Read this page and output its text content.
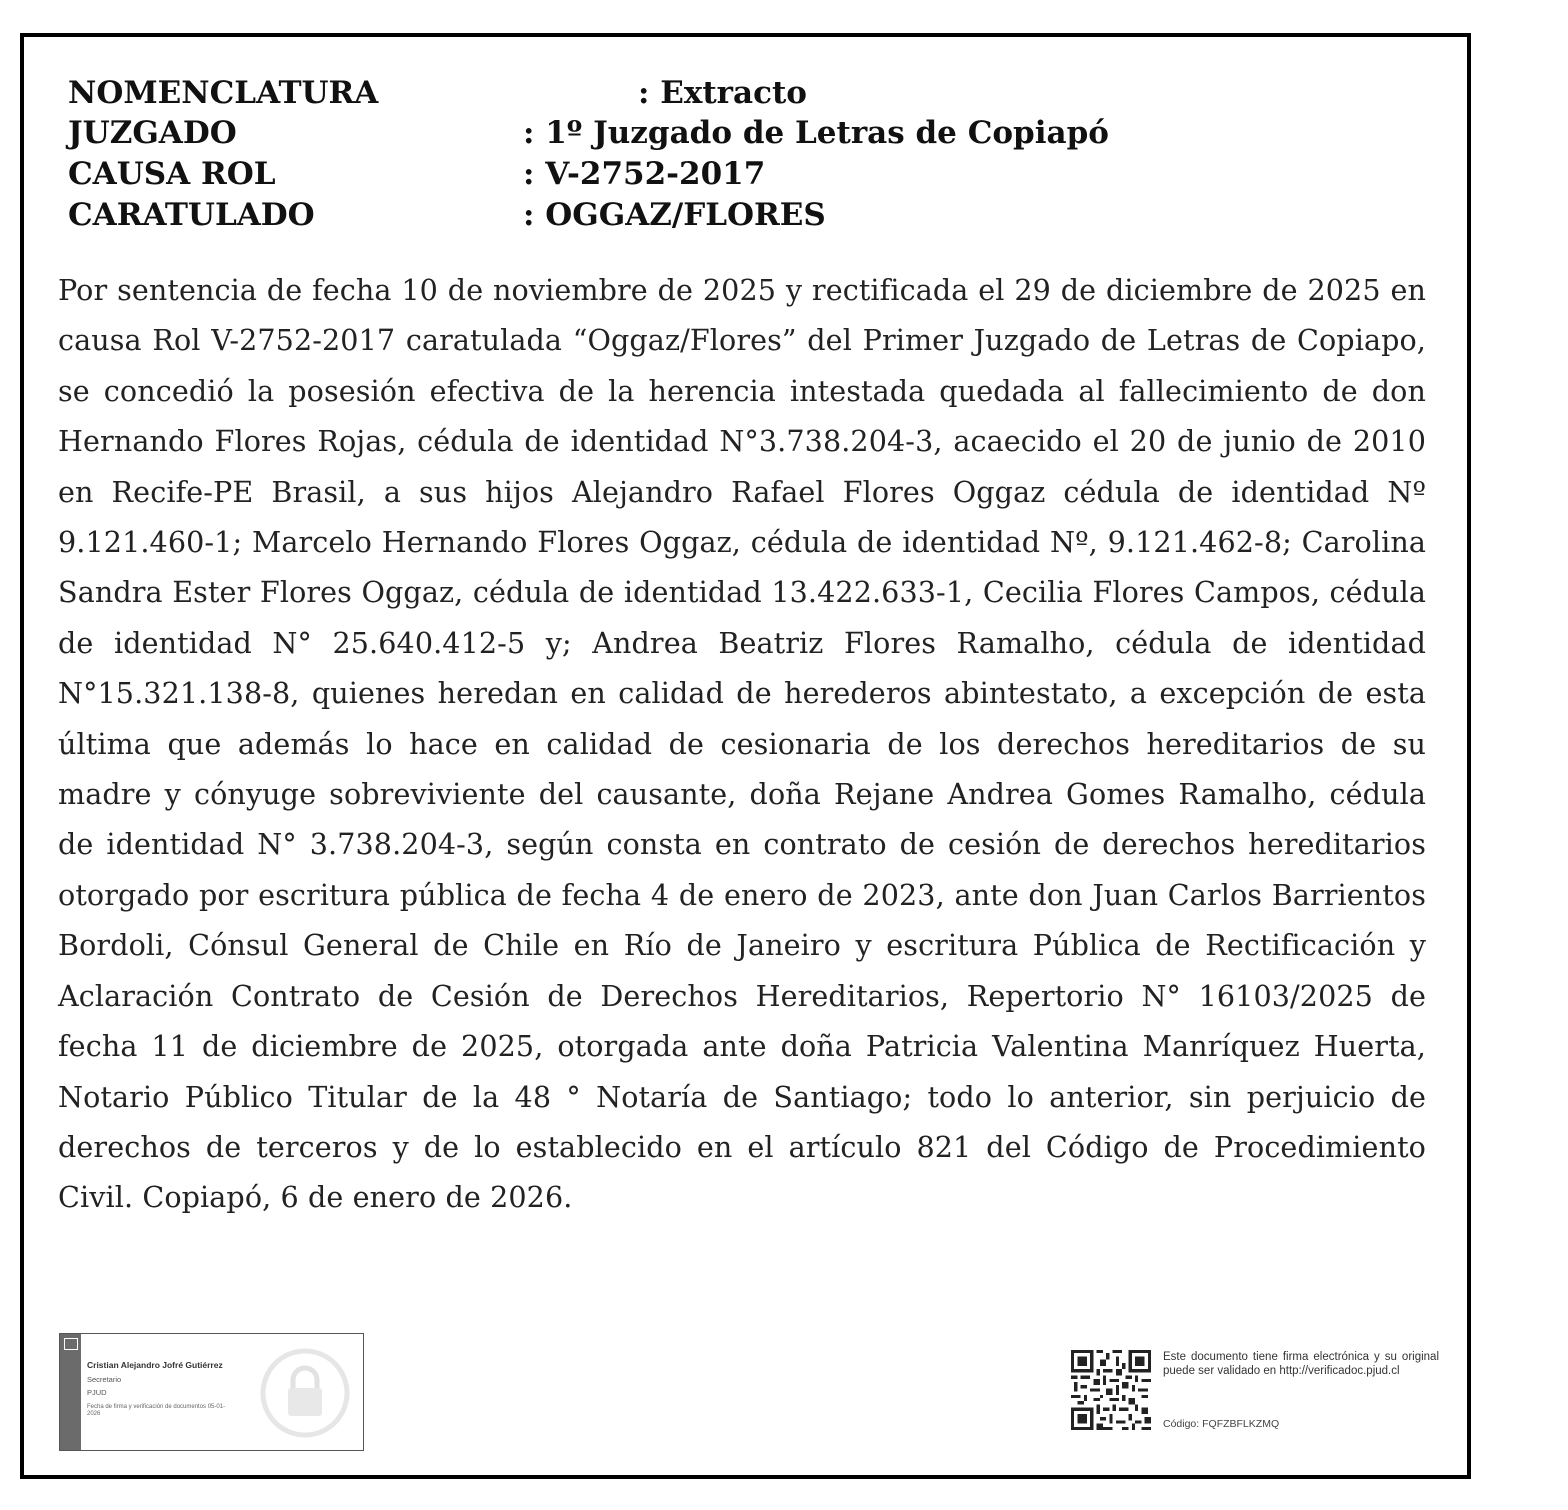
NOMENCLATURA	: Extracto
JUZGADO	: 1º Juzgado de Letras de Copiapó
CAUSA ROL	: V-2752-2017
CARATULADO	: OGGAZ/FLORES
Por sentencia de fecha 10 de noviembre de 2025 y rectificada el 29 de diciembre de 2025 en causa Rol V-2752-2017 caratulada “Oggaz/Flores” del Primer Juzgado de Letras de Copiapo, se concedió la posesión efectiva de la herencia intestada quedada al fallecimiento de don Hernando Flores Rojas, cédula de identidad N°3.738.204-3, acaecido el 20 de junio de 2010 en Recife-PE Brasil, a sus hijos Alejandro Rafael Flores Oggaz cédula de identidad Nº 9.121.460-1; Marcelo Hernando Flores Oggaz, cédula de identidad Nº, 9.121.462-8; Carolina Sandra Ester Flores Oggaz, cédula de identidad 13.422.633-1, Cecilia Flores Campos, cédula de identidad N° 25.640.412-5 y; Andrea Beatriz Flores Ramalho, cédula de identidad N°15.321.138-8, quienes heredan en calidad de herederos abintestato, a excepción de esta última que además lo hace en calidad de cesionaria de los derechos hereditarios de su madre y cónyuge sobreviviente del causante, doña Rejane Andrea Gomes Ramalho, cédula de identidad N° 3.738.204-3, según consta en contrato de cesión de derechos hereditarios otorgado por escritura pública de fecha 4 de enero de 2023, ante don Juan Carlos Barrientos Bordoli, Cónsul General de Chile en Río de Janeiro y escritura Pública de Rectificación y Aclaración Contrato de Cesión de Derechos Hereditarios, Repertorio N° 16103/2025 de fecha 11 de diciembre de 2025, otorgada ante doña Patricia Valentina Manríquez Huerta, Notario Público Titular de la 48 ° Notaría de Santiago; todo lo anterior, sin perjuicio de derechos de terceros y de lo establecido en el artículo 821 del Código de Procedimiento Civil. Copiapó, 6 de enero de 2026.
Cristian Alejandro Jofré Gutiérrez
Secretario
PJUD
Fecha de firma y verificación de documentos 05-01-2026
Este documento tiene firma electrónica y su original puede ser validado en http://verificadoc.pjud.cl
Código: FQFZBFLKZMQ
